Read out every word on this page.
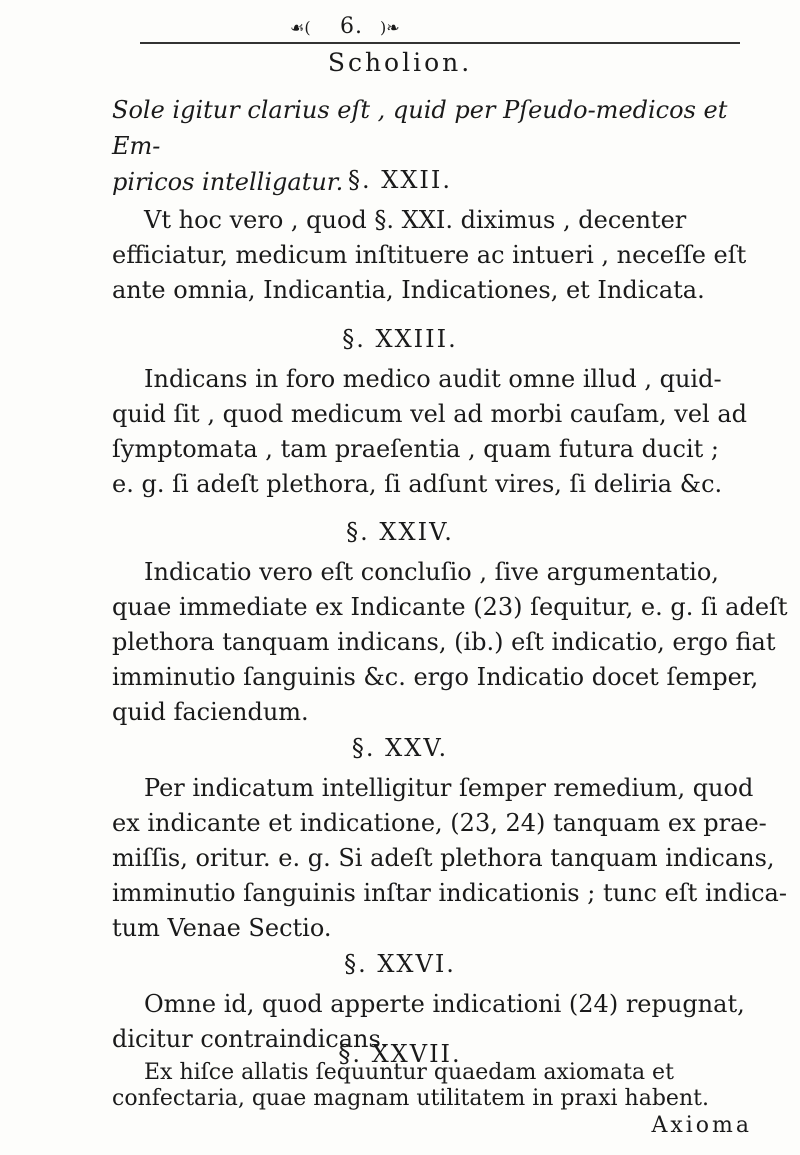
☙( 6. )❧
Scholion.
Sole igitur clarius eſt , quid per Pſeudo-medicos et Em-
piricos intelligatur. §. XXII.
Vt hoc vero , quod §. XXI. diximus , decenter
efficiatur, medicum inſtituere ac intueri , neceſſe eſt
ante omnia, Indicantia, Indicationes, et Indicata.
§. XXIII.
Indicans in foro medico audit omne illud , quid-
quid ſit , quod medicum vel ad morbi cauſam, vel ad
ſymptomata , tam praeſentia , quam futura ducit ;
e. g. ſi adeſt plethora, ſi adſunt vires, ſi deliria &c.
§. XXIV.
Indicatio vero eſt concluſio , ſive argumentatio,
quae immediate ex Indicante (23) ſequitur, e. g. ſi adeſt
plethora tanquam indicans, (ib.) eſt indicatio, ergo fiat
imminutio ſanguinis &c. ergo Indicatio docet ſemper,
quid faciendum.
§. XXV.
Per indicatum intelligitur ſemper remedium, quod
ex indicante et indicatione, (23, 24) tanquam ex prae-
miſſis, oritur. e. g. Si adeſt plethora tanquam indicans,
imminutio ſanguinis inſtar indicationis ; tunc eſt indica-
tum Venae Sectio.
§. XXVI.
Omne id, quod apperte indicationi (24) repugnat,
dicitur contraindicans.
§. XXVII.
Ex hiſce allatis ſequuntur quaedam axiomata et
confectaria, quae magnam utilitatem in praxi habent.
Axioma
